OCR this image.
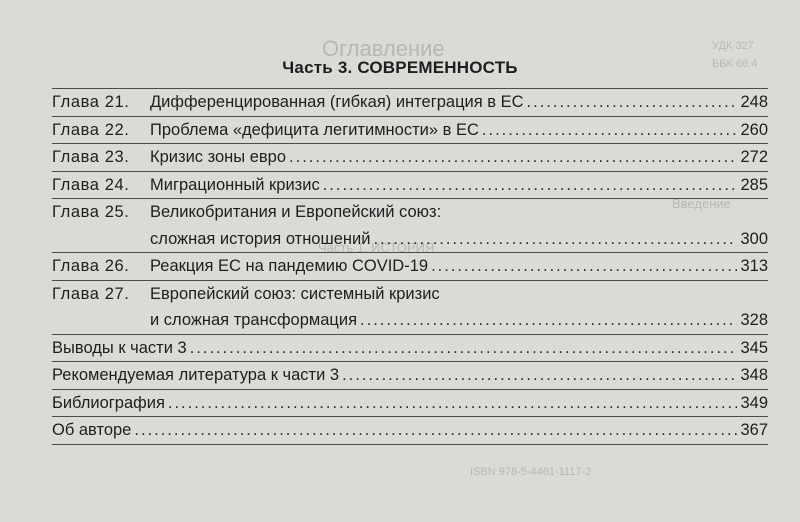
УДК 327
ББК 66.4
Оглавление
Введение
Часть 1. ИСТОРИЯ
ISBN 978-5-4461-1117-2
Часть 3. СОВРЕМЕННОСТЬ
Глава 21.	Дифференцированная (гибкая) интеграция в ЕС .....	248
Глава 22.	Проблема «дефицита легитимности» в ЕС .....	260
Глава 23.	Кризис зоны евро .....	272
Глава 24.	Миграционный кризис .....	285
Глава 25.	Великобритания и Европейский союз:
сложная история отношений .....	300
Глава 26.	Реакция ЕС на пандемию COVID-19 .....	313
Глава 27.	Европейский союз: системный кризис
и сложная трансформация .....	328
Выводы к части 3 .....	345
Рекомендуемая литература к части 3 .....	348
Библиография .....	349
Об авторе .....	367
